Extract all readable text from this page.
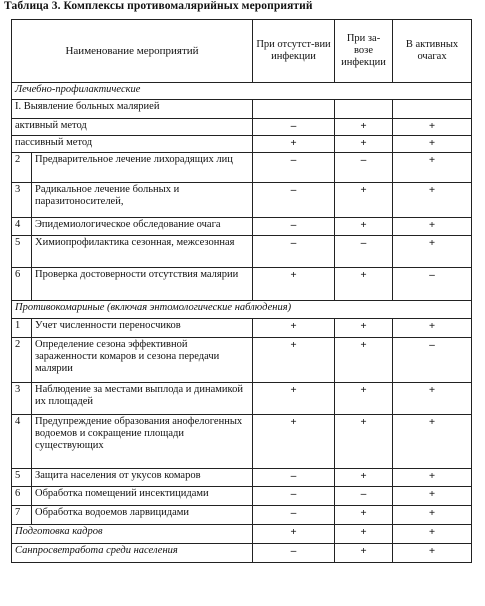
Таблица 3. Комплексы противомалярийных мероприятий
Наименование мероприятий		При отсутст-вии инфекции	При за-возе инфекции	В активных очагах
Лечебно-профилактические				
I. Выявление больных малярией				
активный метод		–	+	+
пассивный метод		+	+	+
2	Предварительное лечение лихорадящих лиц	–	–	+
3	Радикальное лечение больных и паразитоносителей,	–	+	+
4	Эпидемиологическое обследование очага	–	+	+
5	Химиопрофилактика сезонная, межсезонная	–	–	+
6	Проверка достоверности отсутствия малярии	+	+	–
Противокомариные (включая энтомологические наблюдения)				
1	Учет численности переносчиков	+	+	+
2	Определение сезона эффективной зараженности комаров и сезона передачи малярии	+	+	–
3	Наблюдение за местами выплода и динамикой их площадей	+	+	+
4	Предупреждение образования анофелогенных водоемов и сокращение площади существующих	+	+	+
5	Защита населения от укусов комаров	–	+	+
6	Обработка помещений инсектицидами	–	–	+
7	Обработка водоемов ларвицидами	–	+	+
Подготовка кадров		+	+	+
Санпросветработа среди населения		–	+	+
